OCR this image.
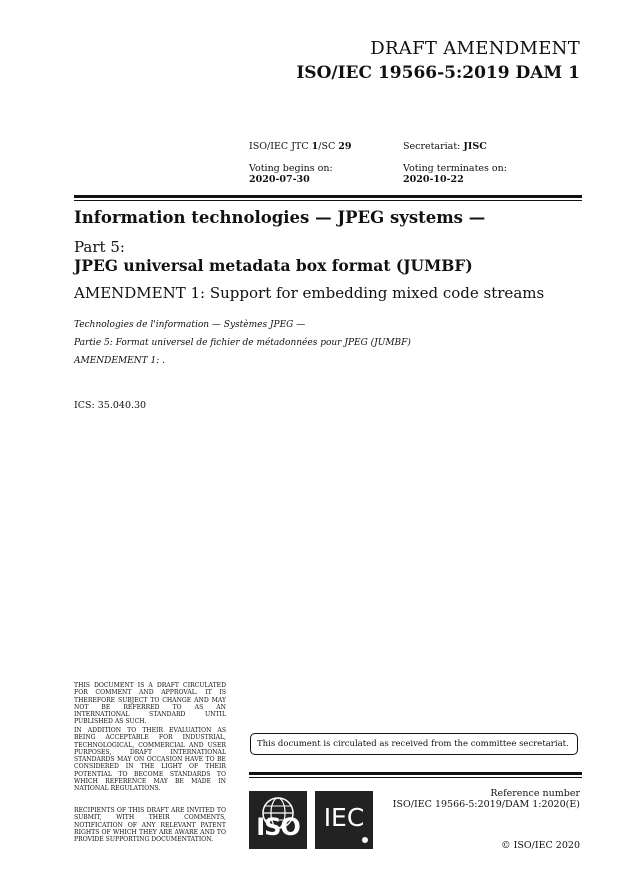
DRAFT AMENDMENT
ISO/IEC 19566-5:2019 DAM 1
ISO/IEC JTC 1/SC 29	Secretariat: JISC
Voting begins on:
2020-07-30
Voting terminates on:
2020-10-22
Information technologies — JPEG systems —
Part 5:
JPEG universal metadata box format (JUMBF)
AMENDMENT 1: Support for embedding mixed code streams
Technologies de l'information — Systèmes JPEG —
Partie 5: Format universel de fichier de métadonnées pour JPEG (JUMBF)
AMENDEMENT 1: .
ICS: 35.040.30
THIS DOCUMENT IS A DRAFT CIRCULATED FOR COMMENT AND APPROVAL. IT IS THEREFORE SUBJECT TO CHANGE AND MAY NOT BE REFERRED TO AS AN INTERNATIONAL STANDARD UNTIL PUBLISHED AS SUCH.
IN ADDITION TO THEIR EVALUATION AS BEING ACCEPTABLE FOR INDUSTRIAL, TECHNOLOGICAL, COMMERCIAL AND USER PURPOSES, DRAFT INTERNATIONAL STANDARDS MAY ON OCCASION HAVE TO BE CONSIDERED IN THE LIGHT OF THEIR POTENTIAL TO BECOME STANDARDS TO WHICH REFERENCE MAY BE MADE IN NATIONAL REGULATIONS.
RECIPIENTS OF THIS DRAFT ARE INVITED TO SUBMIT, WITH THEIR COMMENTS, NOTIFICATION OF ANY RELEVANT PATENT RIGHTS OF WHICH THEY ARE AWARE AND TO PROVIDE SUPPORTING DOCUMENTATION.
This document is circulated as received from the committee secretariat.
ISO IEC
Reference number
ISO/IEC 19566-5:2019/DAM 1:2020(E)
© ISO/IEC 2020
